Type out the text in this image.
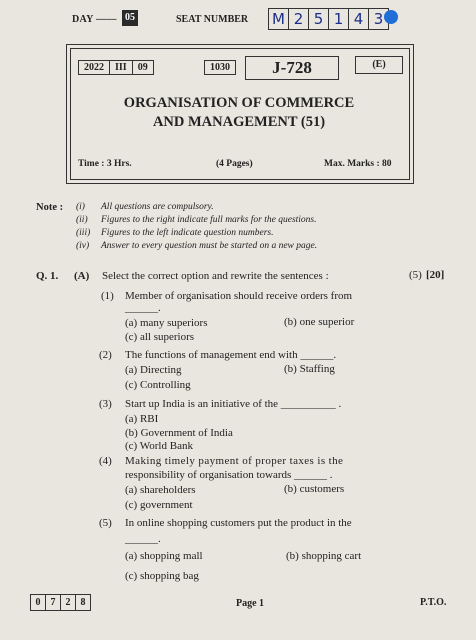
DAY —— 05	SEAT NUMBER M 2 5 1 4 3
2022	III	09	1030	J-728	(E)
ORGANISATION OF COMMERCE
AND MANAGEMENT (51)
Time : 3 Hrs.	(4 Pages)	Max. Marks : 80
Note : (i) All questions are compulsory.
(ii) Figures to the right indicate full marks for the questions.
(iii) Figures to the left indicate question numbers.
(iv) Answer to every question must be started on a new page.
Q. 1. (A) Select the correct option and rewrite the sentences :	(5) [20]
(1) Member of organisation should receive orders from
______.
(a) many superiors	(b) one superior
(c) all superiors
(2) The functions of management end with ______.
(a) Directing	(b) Staffing
(c) Controlling
(3) Start up India is an initiative of the __________ .
(a) RBI
(b) Government of India
(c) World Bank
(4) Making timely payment of proper taxes is the
responsibility of organisation towards ______ .
(a) shareholders	(b) customers
(c) government
(5) In online shopping customers put the product in the
______.
(a) shopping mall	(b) shopping cart
(c) shopping bag
0	7	2	8	Page 1	P.T.O.
